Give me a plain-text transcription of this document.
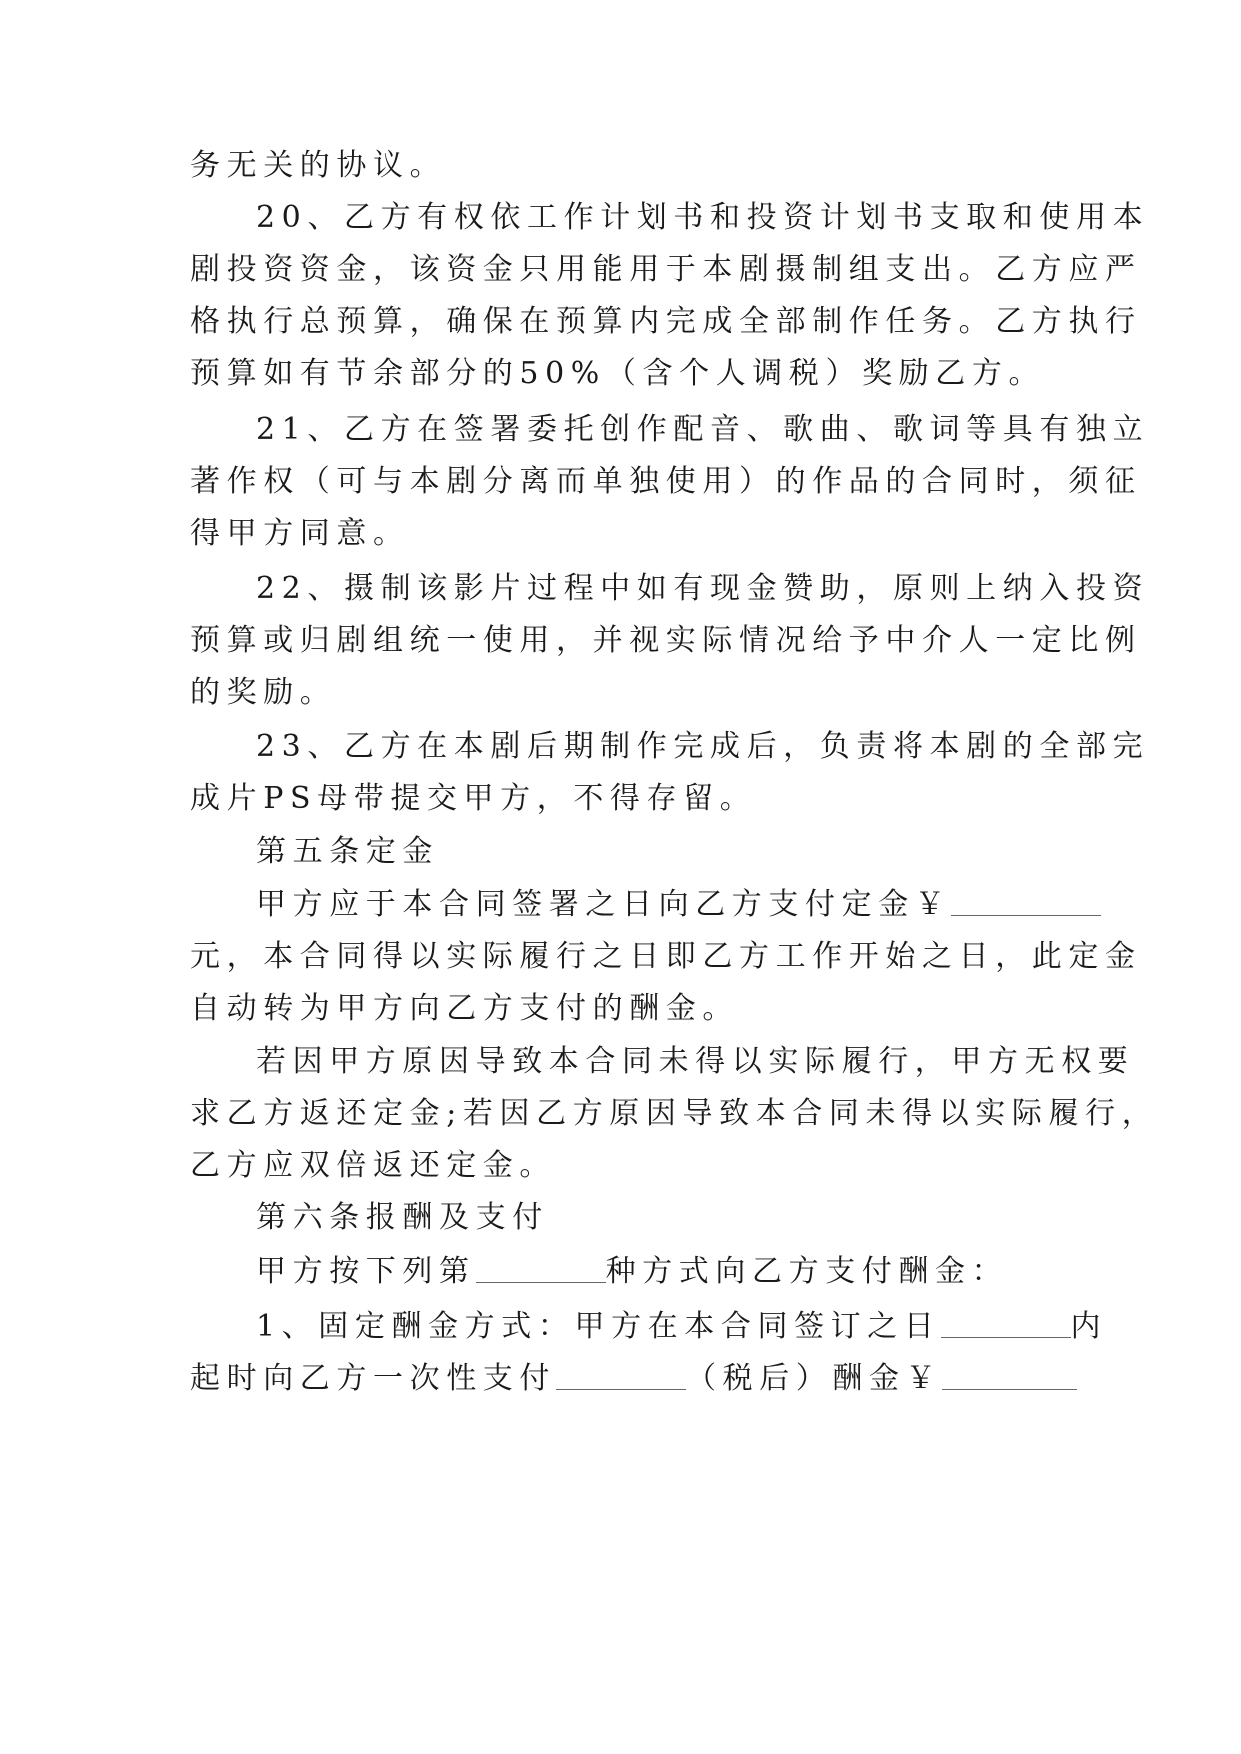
务无关的协议。
20、乙方有权依工作计划书和投资计划书支取和使用本
剧投资资金，该资金只用能用于本剧摄制组支出。乙方应严
格执行总预算，确保在预算内完成全部制作任务。乙方执行
预算如有节余部分的50%（含个人调税）奖励乙方。
21、乙方在签署委托创作配音、歌曲、歌词等具有独立
著作权（可与本剧分离而单独使用）的作品的合同时，须征
得甲方同意。
22、摄制该影片过程中如有现金赞助，原则上纳入投资
预算或归剧组统一使用，并视实际情况给予中介人一定比例
的奖励。
23、乙方在本剧后期制作完成后，负责将本剧的全部完
成片PS母带提交甲方，不得存留。
第五条定金
甲方应于本合同签署之日向乙方支付定金￥
元，本合同得以实际履行之日即乙方工作开始之日，此定金
自动转为甲方向乙方支付的酬金。
若因甲方原因导致本合同未得以实际履行，甲方无权要
求乙方返还定金;若因乙方原因导致本合同未得以实际履行，
乙方应双倍返还定金。
第六条报酬及支付
甲方按下列第	种方式向乙方支付酬金：
1、固定酬金方式：甲方在本合同签订之日	内
起时向乙方一次性支付	（税后）酬金￥
